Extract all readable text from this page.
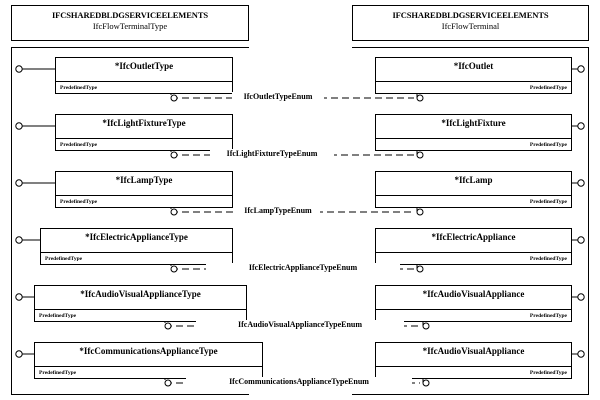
IFCSHAREDBLDGSERVICEELEMENTS
IfcFlowTerminalType
IFCSHAREDBLDGSERVICEELEMENTS
IfcFlowTerminal
*IfcOutletType
PredefinedType
*IfcOutlet
PredefinedType
IfcOutletTypeEnum
*IfcLightFixtureType
PredefinedType
*IfcLightFixture
PredefinedType
IfcLightFixtureTypeEnum
*IfcLampType
PredefinedType
*IfcLamp
PredefinedType
IfcLampTypeEnum
*IfcElectricApplianceType
PredefinedType
*IfcElectricAppliance
PredefinedType
IfcElectricApplianceTypeEnum
*IfcAudioVisualApplianceType
PredefinedType
*IfcAudioVisualAppliance
PredefinedType
IfcAudioVisualApplianceTypeEnum
*IfcCommunicationsApplianceType
PredefinedType
*IfcAudioVisualAppliance
PredefinedType
IfcCommunicationsApplianceTypeEnum
